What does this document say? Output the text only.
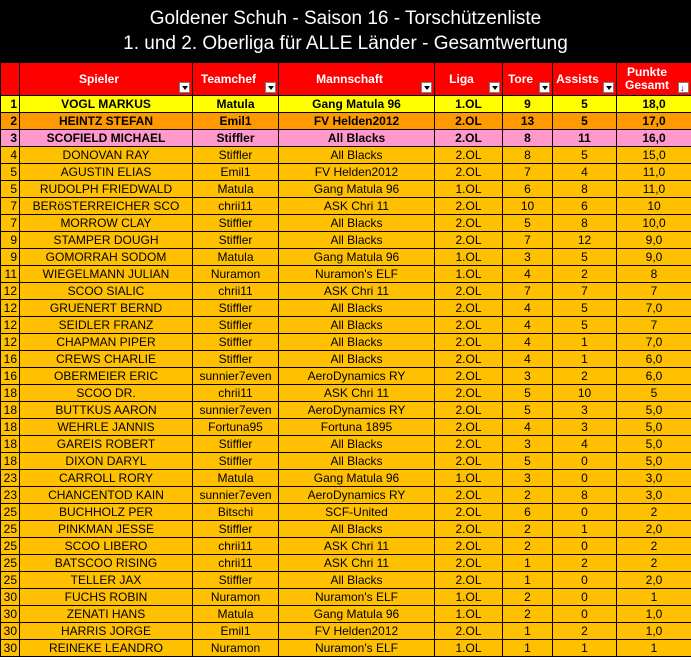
Goldener Schuh - Saison 16 - Torschützenliste
1. und 2. Oberliga für ALLE Länder - Gesamtwertung
	Spieler	Teamchef	Mannschaft	Liga	Tore	Assists	Punkte
Gesamt
↓

1	VOGL MARKUS	Matula	Gang Matula 96	1.OL	9	5	18,0
2	HEINTZ STEFAN	Emil1	FV Helden2012	2.OL	13	5	17,0
3	SCOFIELD MICHAEL	Stiffler	All Blacks	2.OL	8	11	16,0
4	DONOVAN RAY	Stiffler	All Blacks	2.OL	8	5	15,0
5	AGUSTIN ELIAS	Emil1	FV Helden2012	2.OL	7	4	11,0
5	RUDOLPH FRIEDWALD	Matula	Gang Matula 96	1.OL	6	8	11,0
7	BERöSTERREICHER SCO	chrii11	ASK Chri 11	2.OL	10	6	10
7	MORROW CLAY	Stiffler	All Blacks	2.OL	5	8	10,0
9	STAMPER DOUGH	Stiffler	All Blacks	2.OL	7	12	9,0
9	GOMORRAH SODOM	Matula	Gang Matula 96	1.OL	3	5	9,0
11	WIEGELMANN JULIAN	Nuramon	Nuramon's ELF	1.OL	4	2	8
12	SCOO SIALIC	chrii11	ASK Chri 11	2.OL	7	7	7
12	GRUENERT BERND	Stiffler	All Blacks	2.OL	4	5	7,0
12	SEIDLER FRANZ	Stiffler	All Blacks	2.OL	4	5	7
12	CHAPMAN PIPER	Stiffler	All Blacks	2.OL	4	1	7,0
16	CREWS CHARLIE	Stiffler	All Blacks	2.OL	4	1	6,0
16	OBERMEIER ERIC	sunnier7even	AeroDynamics RY	2.OL	3	2	6,0
18	SCOO DR.	chrii11	ASK Chri 11	2.OL	5	10	5
18	BUTTKUS AARON	sunnier7even	AeroDynamics RY	2.OL	5	3	5,0
18	WEHRLE JANNIS	Fortuna95	Fortuna 1895	2.OL	4	3	5,0
18	GAREIS ROBERT	Stiffler	All Blacks	2.OL	3	4	5,0
18	DIXON DARYL	Stiffler	All Blacks	2.OL	5	0	5,0
23	CARROLL RORY	Matula	Gang Matula 96	1.OL	3	0	3,0
23	CHANCENTOD KAIN	sunnier7even	AeroDynamics RY	2.OL	2	8	3,0
25	BUCHHOLZ PER	Bitschi	SCF-United	2.OL	6	0	2
25	PINKMAN JESSE	Stiffler	All Blacks	2.OL	2	1	2,0
25	SCOO LIBERO	chrii11	ASK Chri 11	2.OL	2	0	2
25	BATSCOO RISING	chrii11	ASK Chri 11	2.OL	1	2	2
25	TELLER JAX	Stiffler	All Blacks	2.OL	1	0	2,0
30	FUCHS ROBIN	Nuramon	Nuramon's ELF	1.OL	2	0	1
30	ZENATI HANS	Matula	Gang Matula 96	1.OL	2	0	1,0
30	HARRIS JORGE	Emil1	FV Helden2012	2.OL	1	2	1,0
30	REINEKE LEANDRO	Nuramon	Nuramon's ELF	1.OL	1	1	1
